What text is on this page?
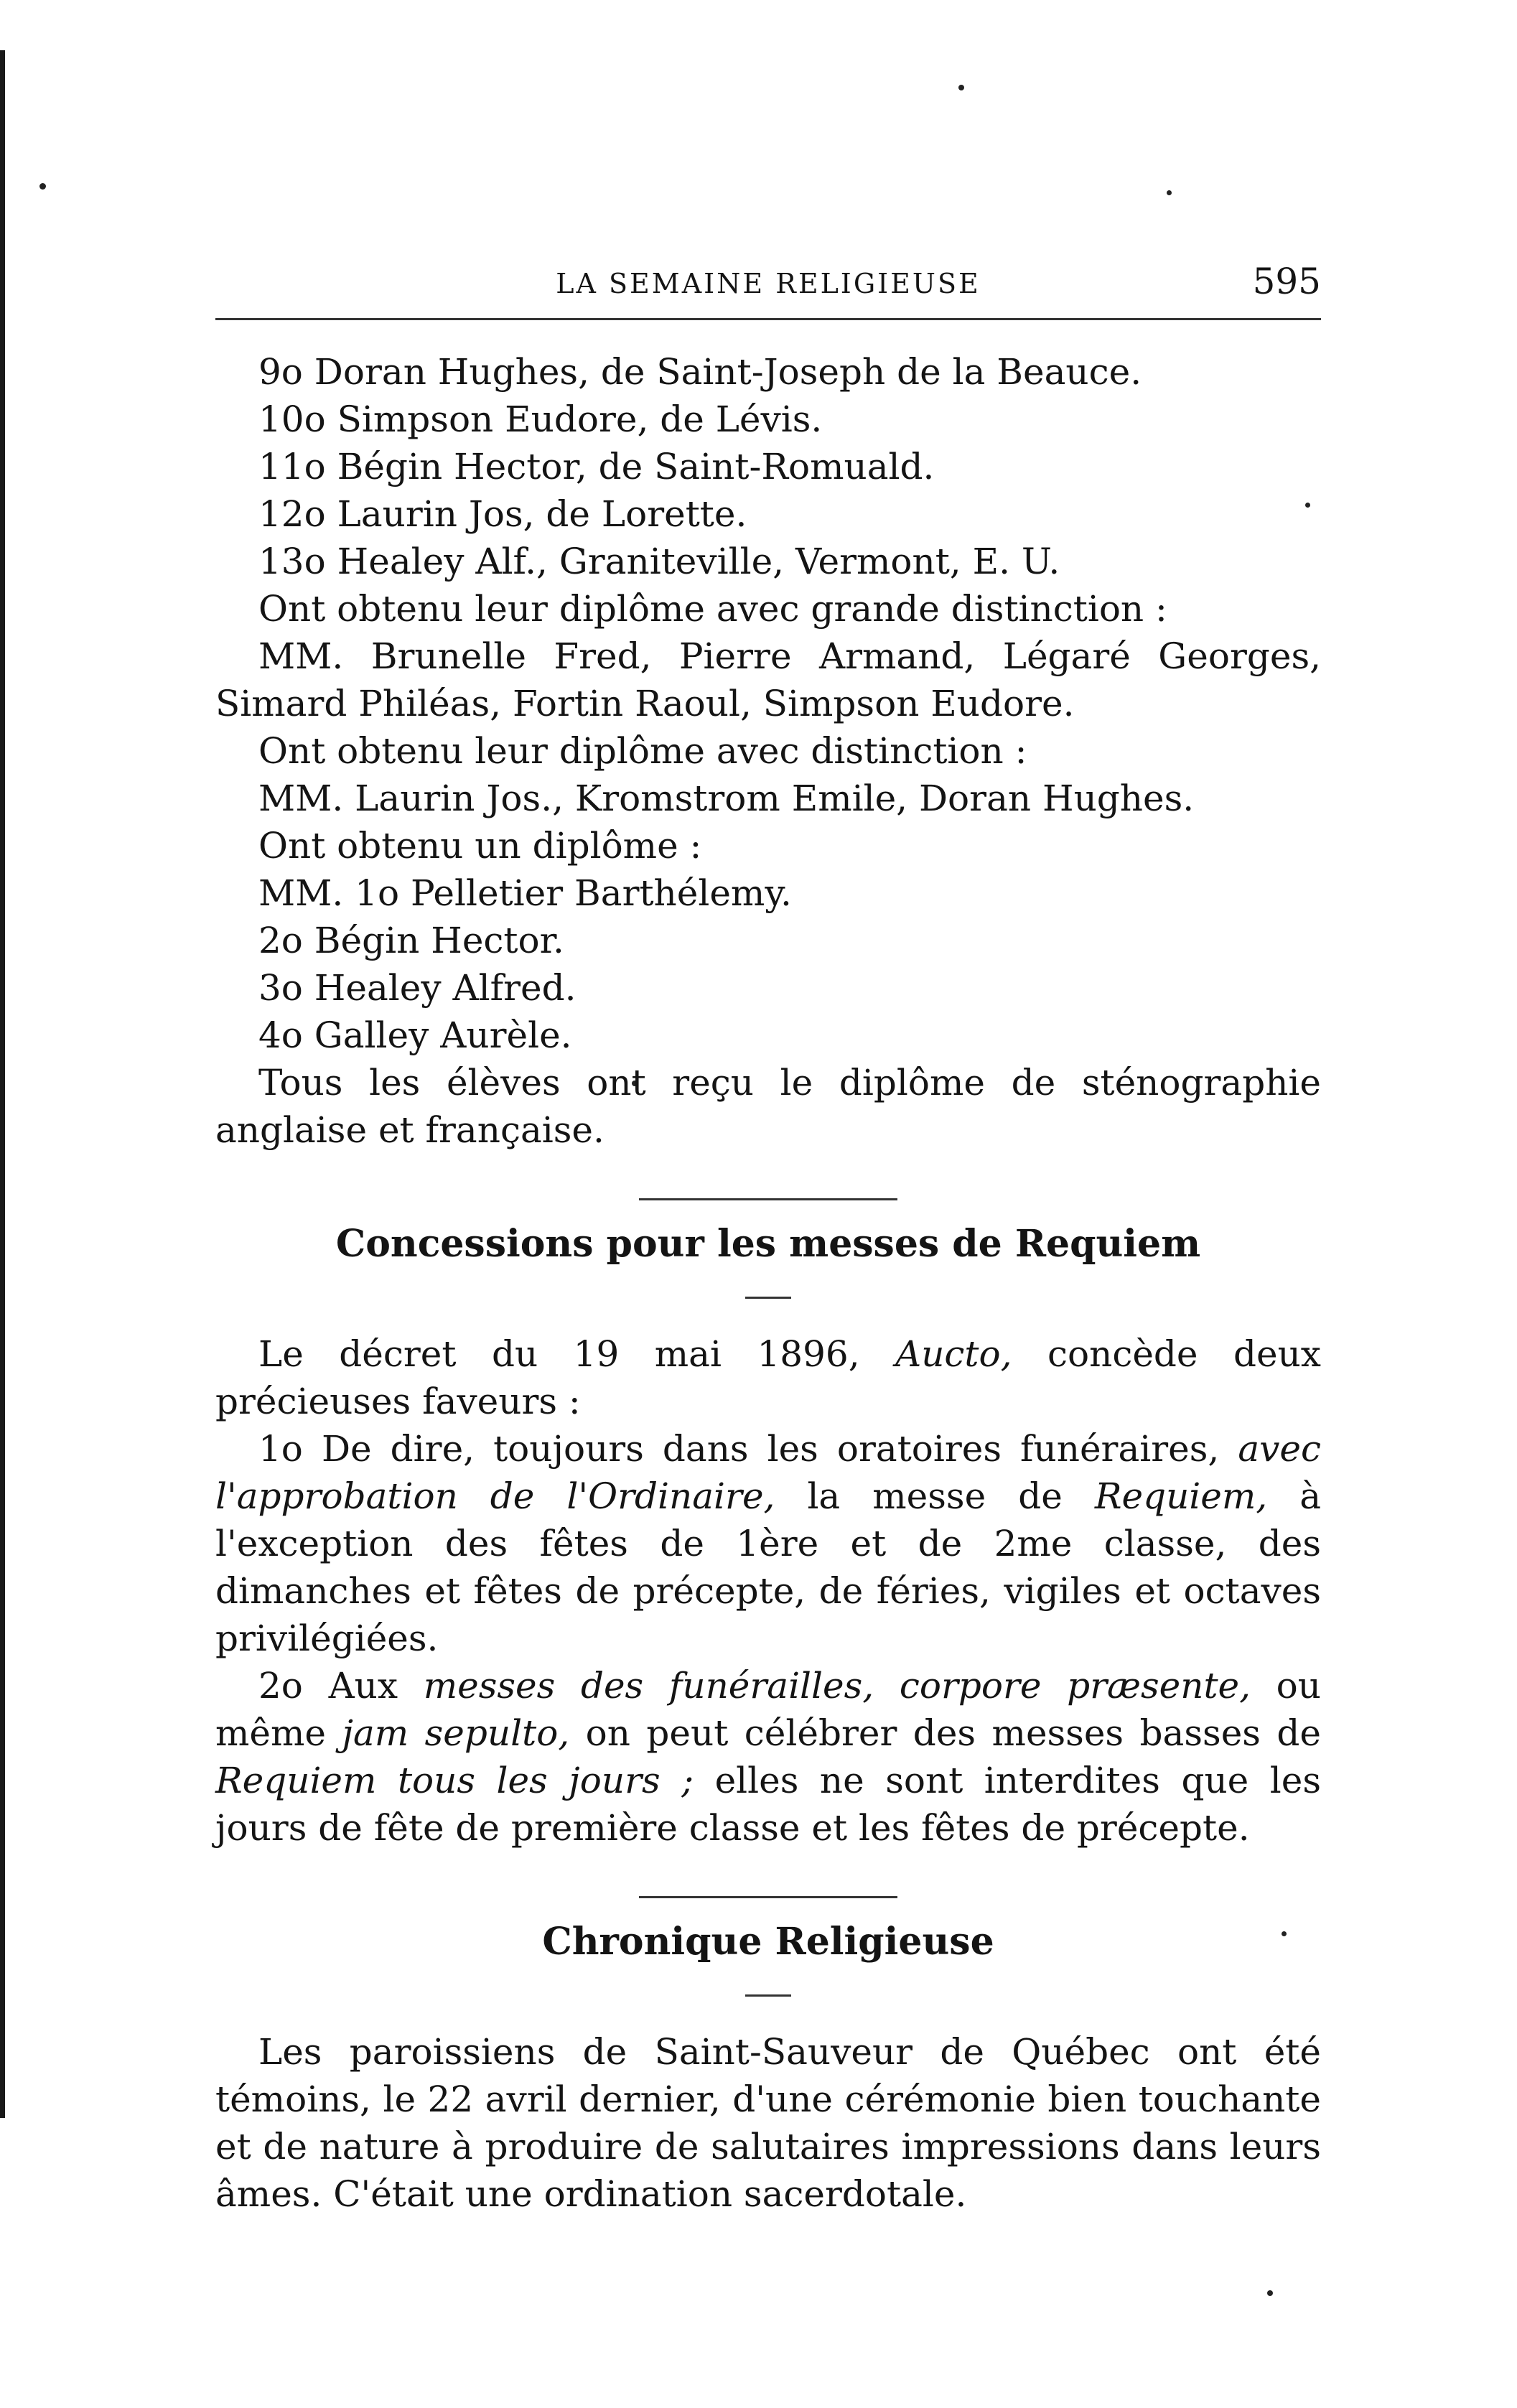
LA SEMAINE RELIGIEUSE	595

9o Doran Hughes, de Saint-Joseph de la Beauce.

10o Simpson Eudore, de Lévis.

11o Bégin Hector, de Saint-Romuald.

12o Laurin Jos, de Lorette.

13o Healey Alf., Graniteville, Vermont, E. U.

Ont obtenu leur diplôme avec grande distinction :

MM. Brunelle Fred, Pierre Armand, Légaré Georges, Simard Philéas, Fortin Raoul, Simpson Eudore.

Ont obtenu leur diplôme avec distinction :

MM. Laurin Jos., Kromstrom Emile, Doran Hughes.

Ont obtenu un diplôme :

MM. 1o Pelletier Barthélemy.

2o Bégin Hector.

3o Healey Alfred.

4o Galley Aurèle.

Tous les élèves ont reçu le diplôme de sténographie anglaise et française.

Concessions pour les messes de Requiem

Le décret du 19 mai 1896, Aucto, concède deux précieuses faveurs :

1o De dire, toujours dans les oratoires funéraires, avec l'approbation de l'Ordinaire, la messe de Requiem, à l'exception des fêtes de 1ère et de 2me classe, des dimanches et fêtes de précepte, de féries, vigiles et octaves privilégiées.

2o Aux messes des funérailles, corpore præsente, ou même jam sepulto, on peut célébrer des messes basses de Requiem tous les jours ; elles ne sont interdites que les jours de fête de première classe et les fêtes de précepte.

Chronique Religieuse

Les paroissiens de Saint-Sauveur de Québec ont été témoins, le 22 avril dernier, d'une cérémonie bien touchante et de nature à produire de salutaires impressions dans leurs âmes. C'était une ordination sacerdotale.
